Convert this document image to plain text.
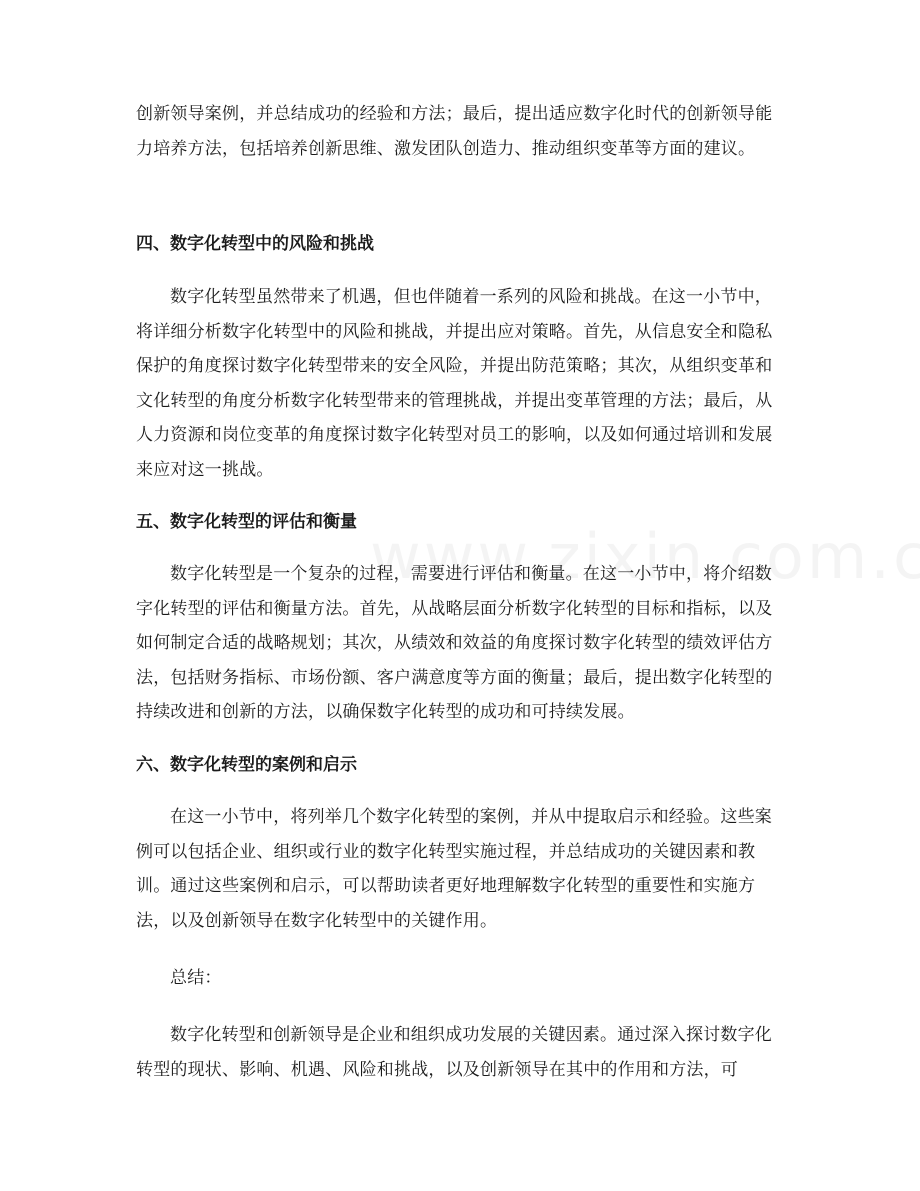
创新领导案例，并总结成功的经验和方法；最后，提出适应数字化时代的创新领导能力培养方法，包括培养创新思维、激发团队创造力、推动组织变革等方面的建议。

四、数字化转型中的风险和挑战

数字化转型虽然带来了机遇，但也伴随着一系列的风险和挑战。在这一小节中，将详细分析数字化转型中的风险和挑战，并提出应对策略。首先，从信息安全和隐私保护的角度探讨数字化转型带来的安全风险，并提出防范策略；其次，从组织变革和文化转型的角度分析数字化转型带来的管理挑战，并提出变革管理的方法；最后，从人力资源和岗位变革的角度探讨数字化转型对员工的影响，以及如何通过培训和发展来应对这一挑战。

五、数字化转型的评估和衡量

数字化转型是一个复杂的过程，需要进行评估和衡量。在这一小节中，将介绍数字化转型的评估和衡量方法。首先，从战略层面分析数字化转型的目标和指标，以及如何制定合适的战略规划；其次，从绩效和效益的角度探讨数字化转型的绩效评估方法，包括财务指标、市场份额、客户满意度等方面的衡量；最后，提出数字化转型的持续改进和创新的方法，以确保数字化转型的成功和可持续发展。

六、数字化转型的案例和启示

在这一小节中，将列举几个数字化转型的案例，并从中提取启示和经验。这些案例可以包括企业、组织或行业的数字化转型实施过程，并总结成功的关键因素和教训。通过这些案例和启示，可以帮助读者更好地理解数字化转型的重要性和实施方法，以及创新领导在数字化转型中的关键作用。

总结：

数字化转型和创新领导是企业和组织成功发展的关键因素。通过深入探讨数字化转型的现状、影响、机遇、风险和挑战，以及创新领导在其中的作用和方法，可
